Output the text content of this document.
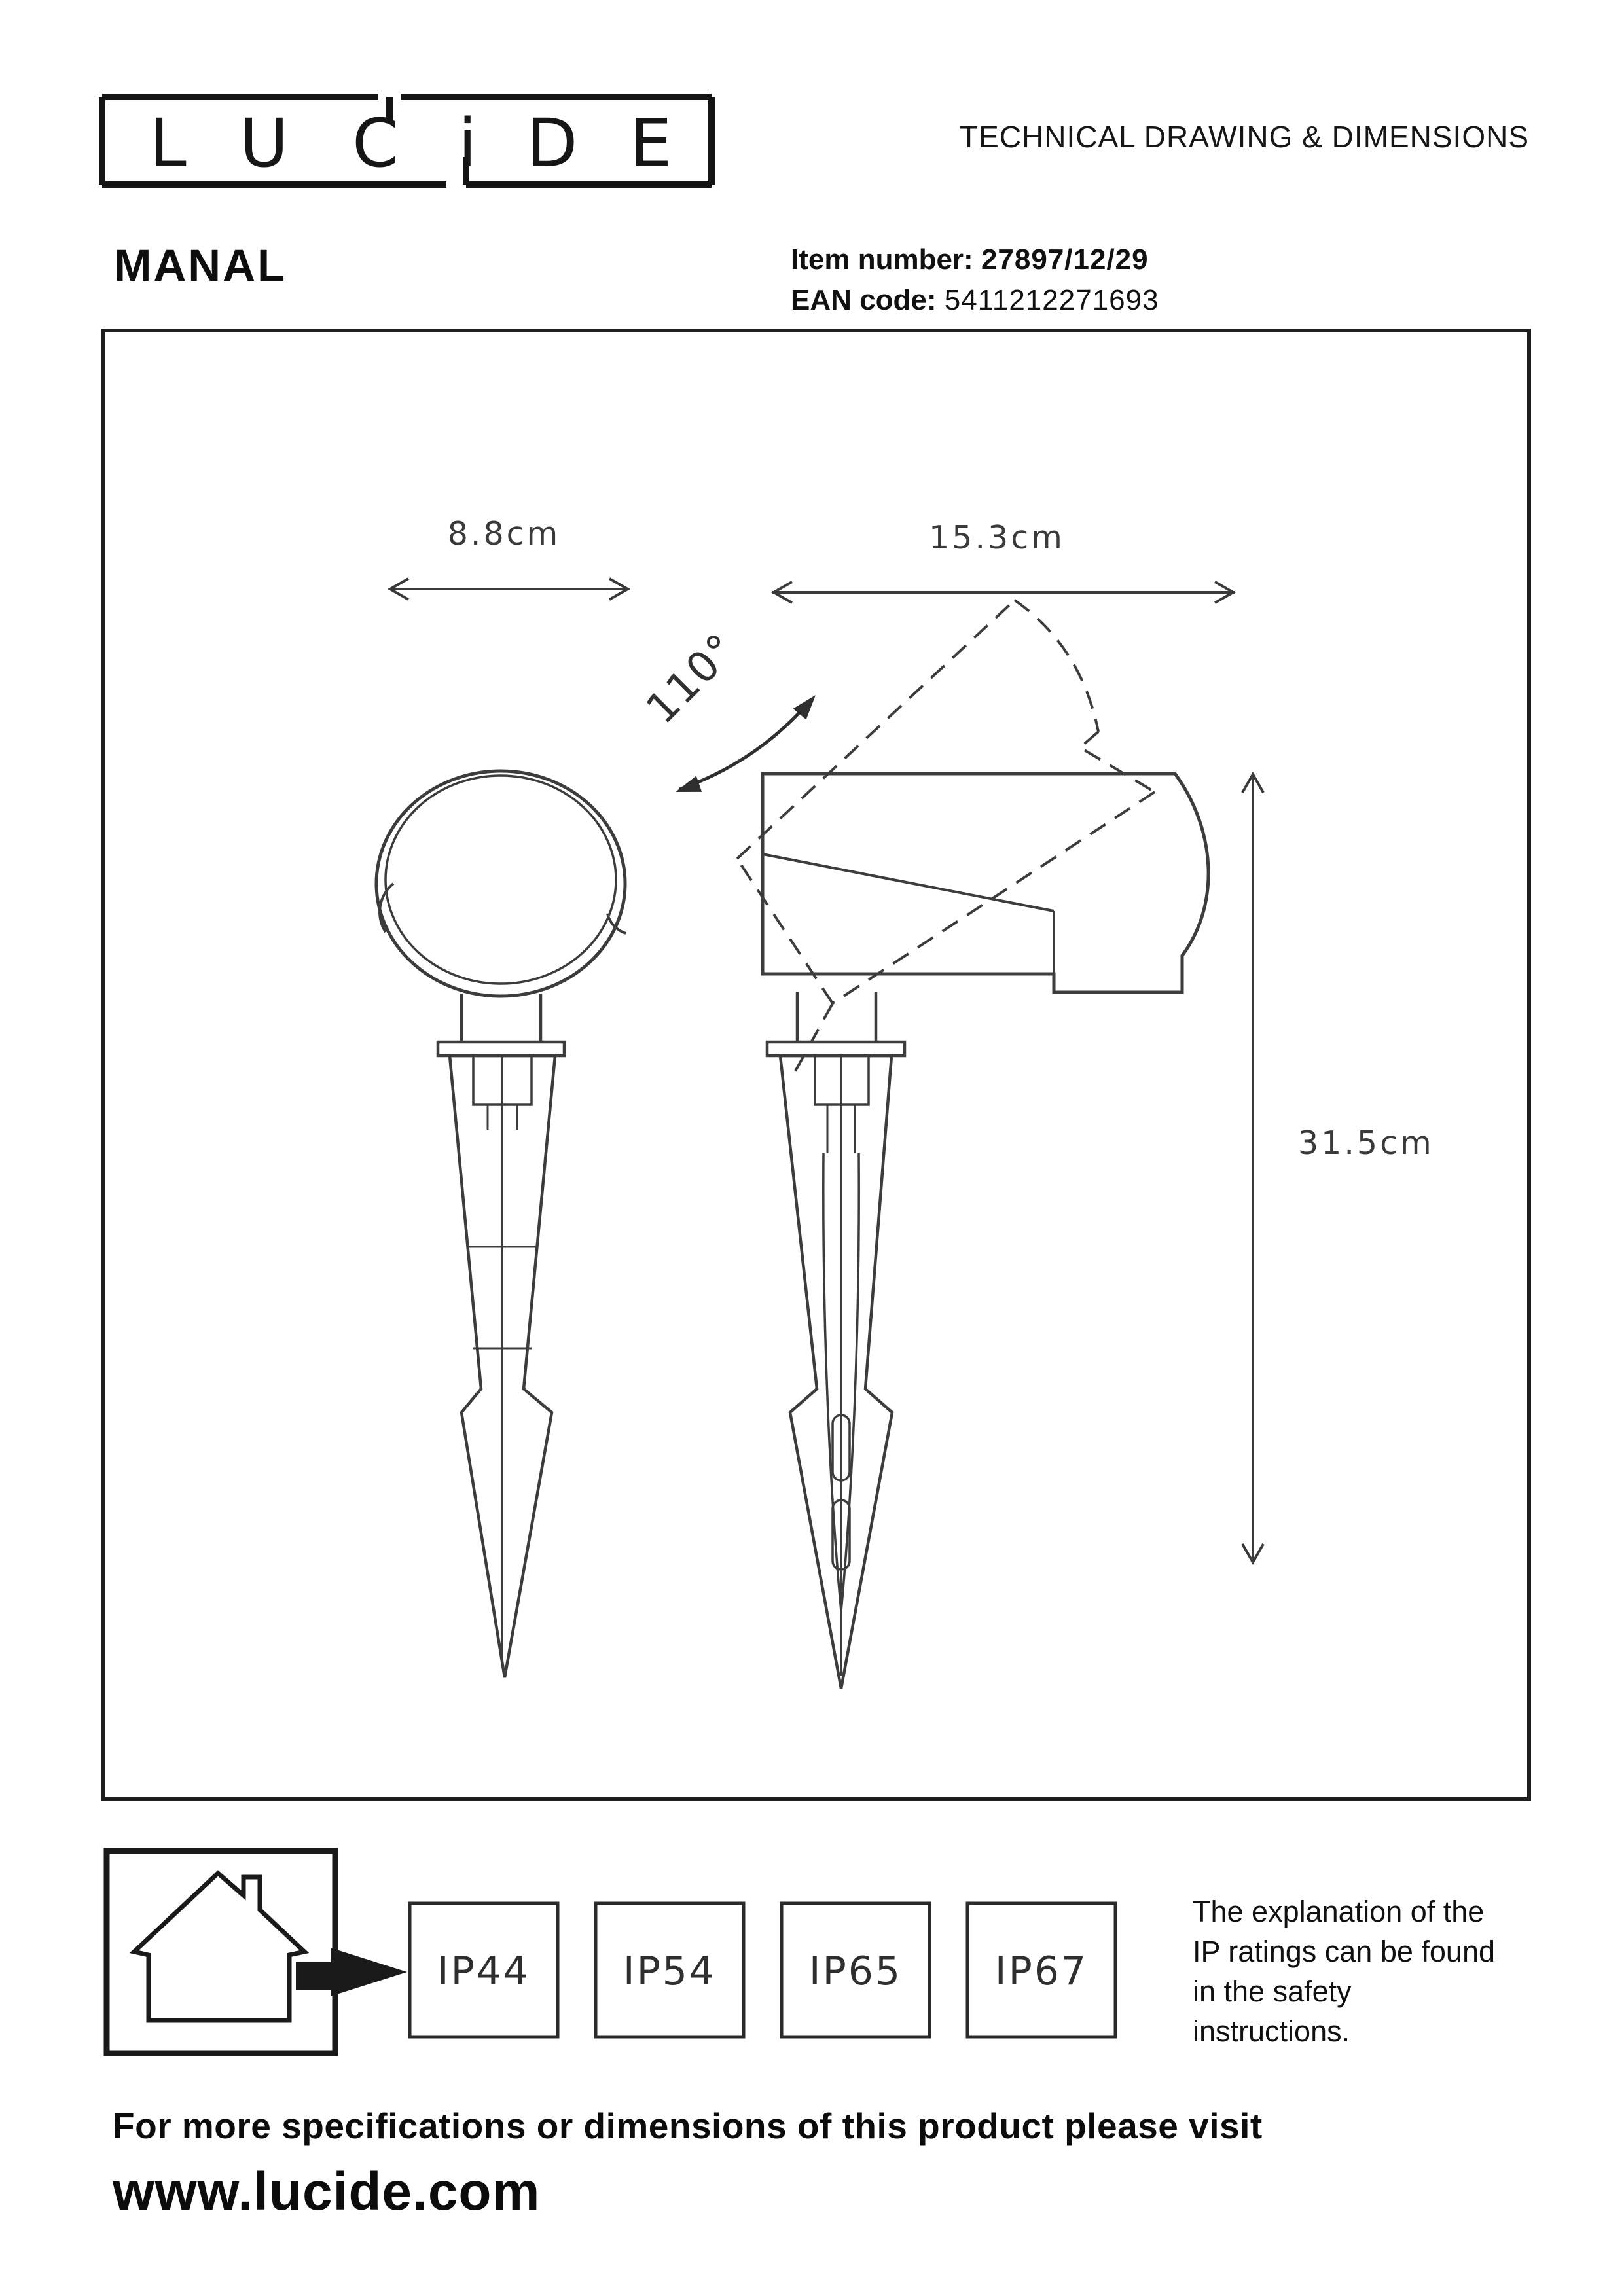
L U C i D E
8.8cm	15.3cm
31.5cm
110°
IP44 IP54 IP65 IP67
TECHNICAL DRAWING & DIMENSIONS
MANAL	Item number: 27897/12/29
EAN code: 5411212271693
The explanation of the
IP ratings can be found
in the safety
instructions.
For more specifications or dimensions of this product please visit
www.lucide.com
